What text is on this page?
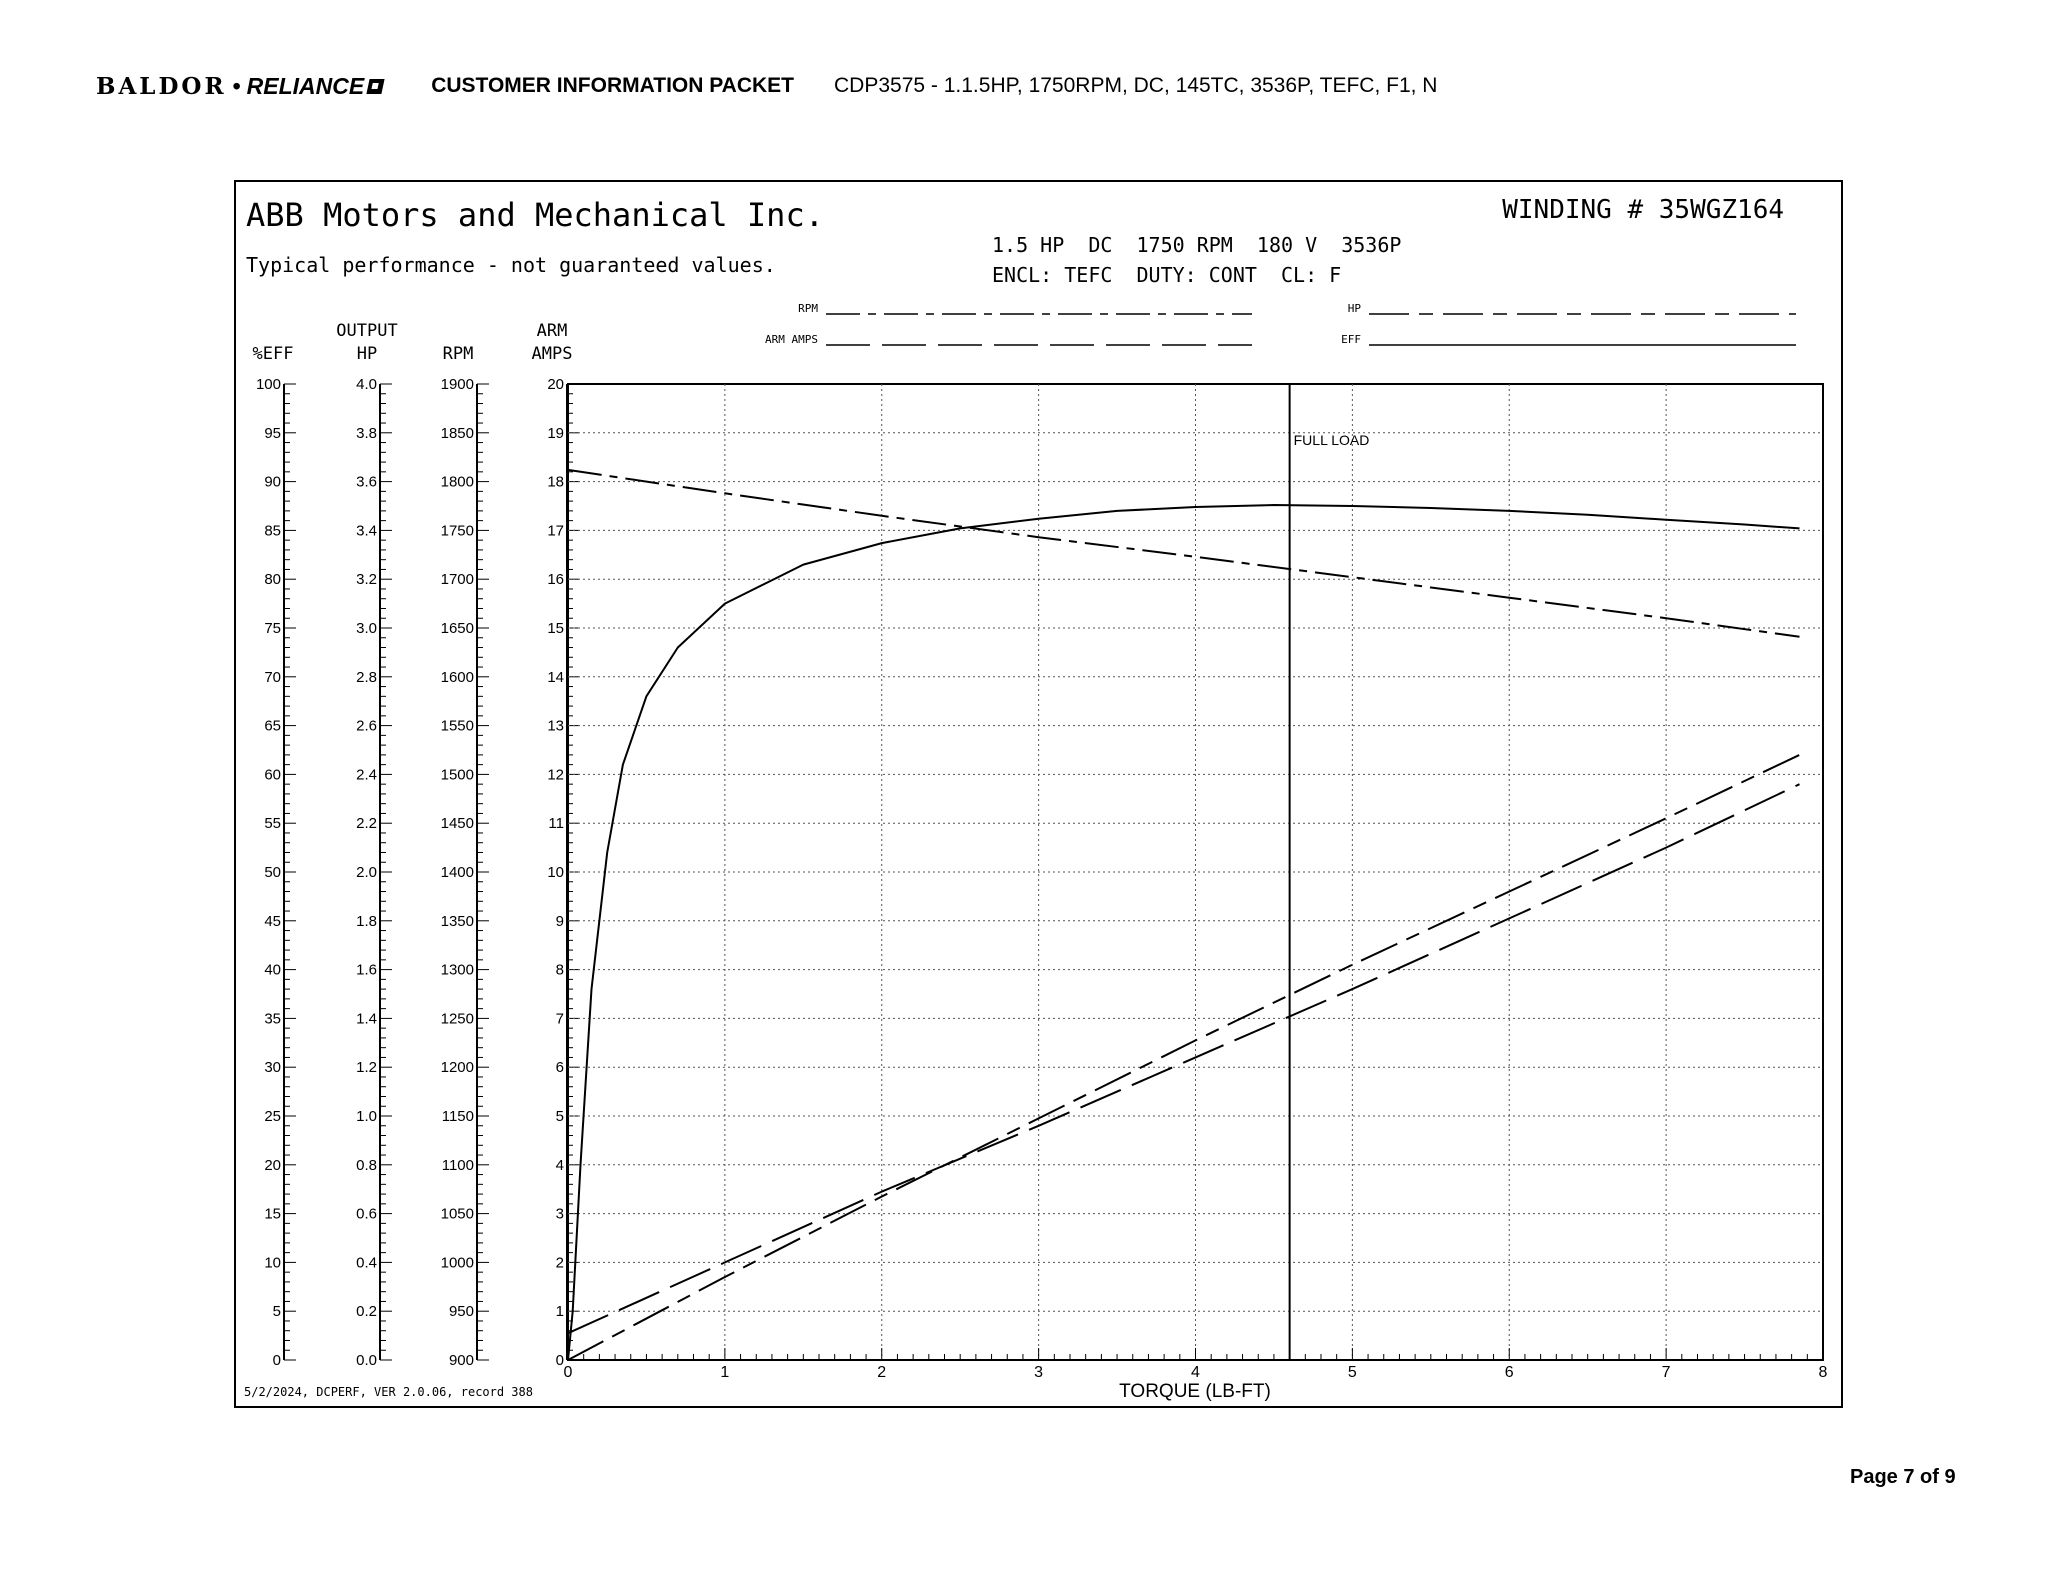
BALDOR • RELIANCE	CUSTOMER INFORMATION PACKET CDP3575 - 1.1.5HP, 1750RPM, DC, 145TC, 3536P, TEFC, F1, N
ABB Motors and Mechanical Inc.
Typical performance - not guaranteed values.
WINDING # 35WGZ164
1.5 HP  DC  1750 RPM  180 V  3536P
ENCL: TEFC  DUTY: CONT  CL: F
RPM
ARM AMPS
HP
EFF
%EFF
OUTPUT
HP	RPM
ARM
AMPS
100
95
90
85
80
75
70
65
60
55
50
45
40
35
30
25
20
15
10
5
0
4.0
3.8
3.6
3.4
3.2
3.0
2.8
2.6
2.4
2.2
2.0
1.8
1.6
1.4
1.2
1.0
0.8
0.6
0.4
0.2
0.0
1900
1850
1800
1750
1700
1650
1600
1550
1500
1450
1400
1350
1300
1250
1200
1150
1100
1050
1000
950
900
20
19
18
17
16
15
14
13
12
11
10
9
8
7
6
5
4
3
2
1
0
0	1	2	3	4	5	6	7	8
TORQUE (LB-FT)
FULL LOAD
5/2/2024, DCPERF, VER 2.0.06, record 388
Page 7 of 9
